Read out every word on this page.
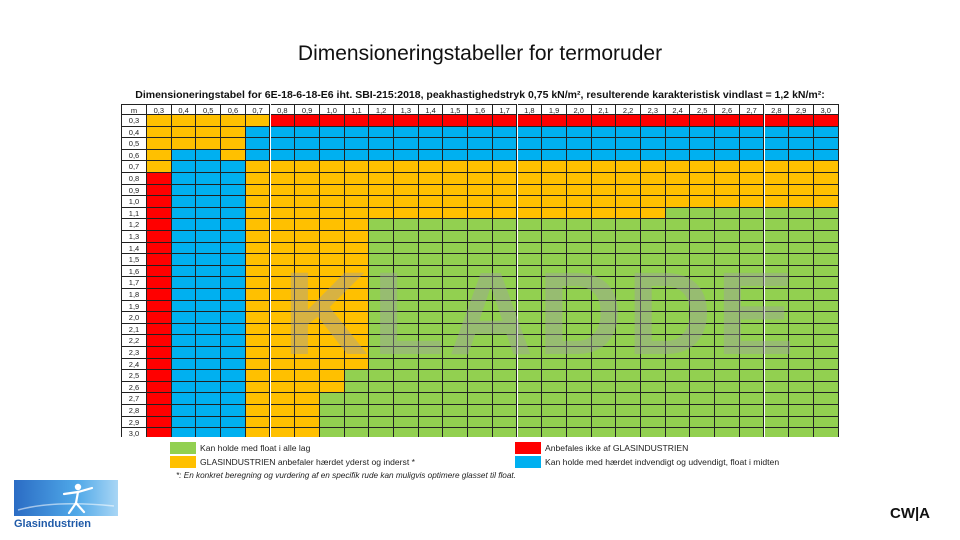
Dimensioneringstabeller for termoruder
Dimensioneringstabel for 6E-18-6-18-E6 iht. SBI-215:2018, peakhastighedstryk 0,75 kN/m², resulterende karakteristisk vindlast = 1,2 kN/m²:
m	0,3	0,4	0,5	0,6	0,7	0,8	0,9	1,0	1,1	1,2	1,3	1,4	1,5	1,6	1,7	1,8	1,9	2,0	2,1	2,2	2,3	2,4	2,5	2,6	2,7	2,8	2,9	3,0
0,3
0,4
0,5
0,6
0,7
0,8
0,9
1,0
1,1
1,2
1,3
1,4
1,5
1,6
1,7
1,8
1,9
2,0
2,1
2,2
2,3
2,4
2,5
2,6
2,7
2,8
2,9
3,0
KLADDE
Kan holde med float i alle lag
GLASINDUSTRIEN anbefaler hærdet yderst og inderst *
Anbefales ikke af GLASINDUSTRIEN
Kan holde med hærdet indvendigt og udvendigt, float i midten
*: En konkret beregning og vurdering af en specifik rude kan muligvis optimere glasset til float.
Glasindustrien
CW|A
